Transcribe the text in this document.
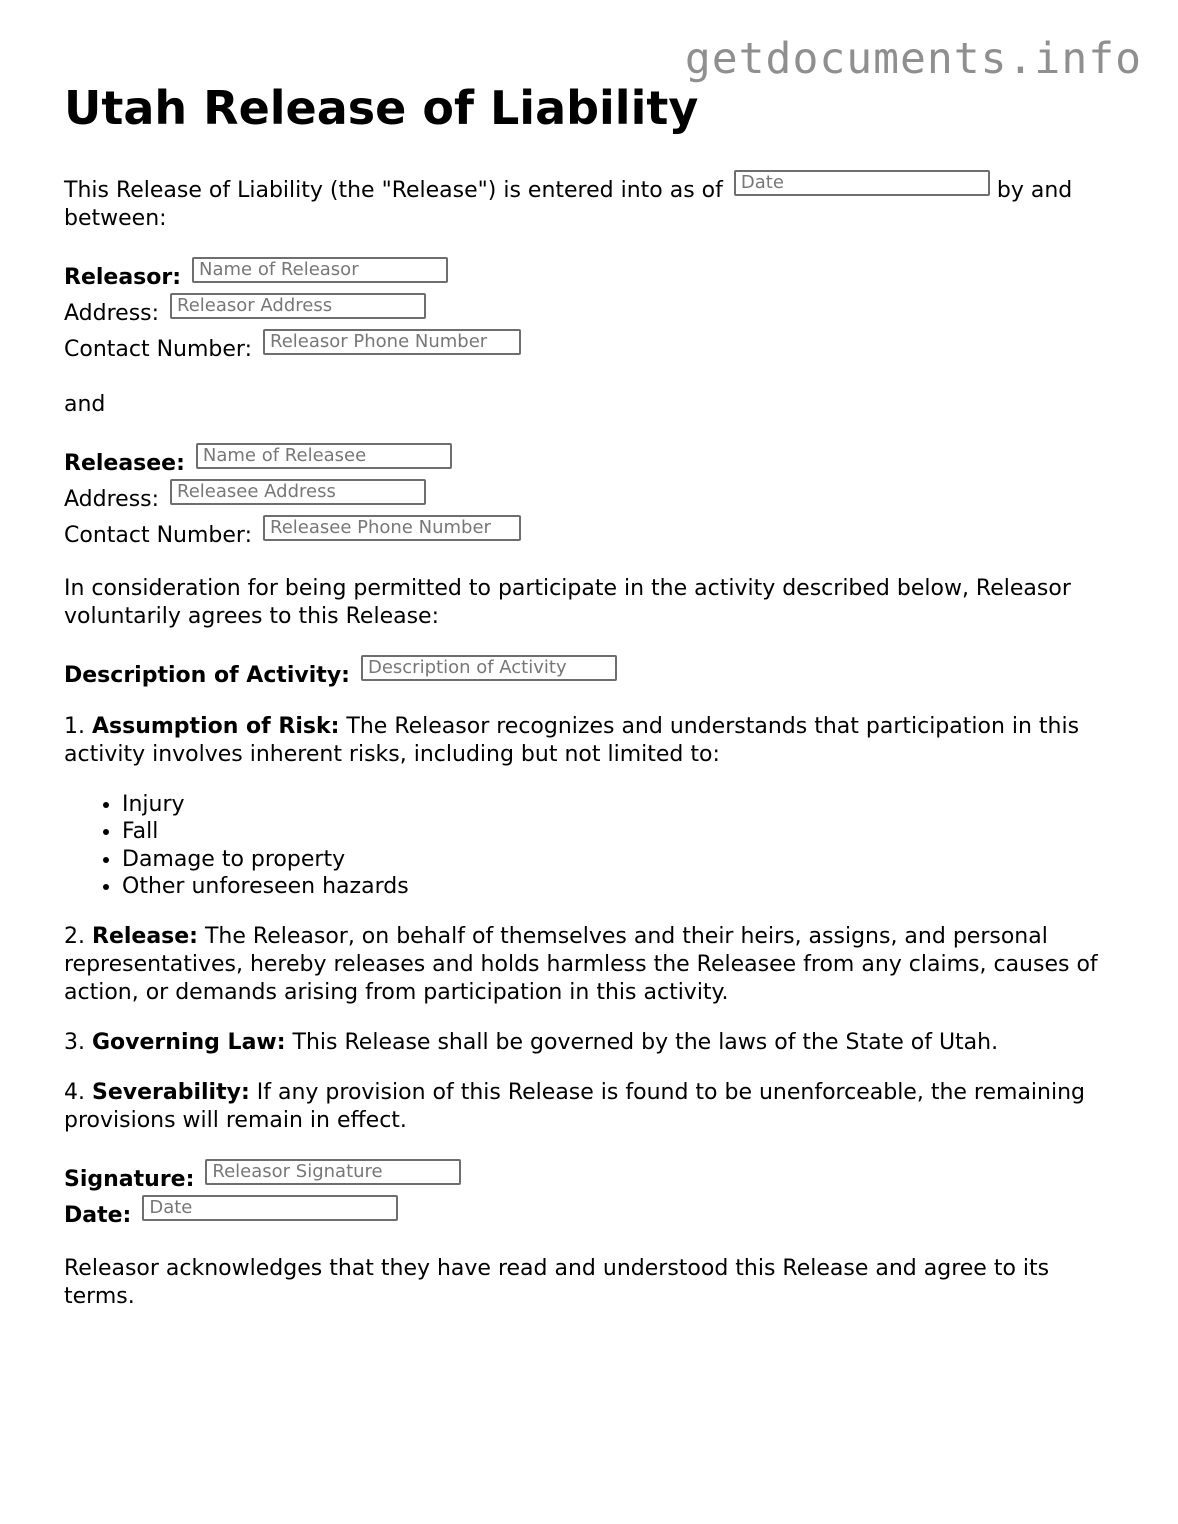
getdocuments.info
Utah Release of Liability

This Release of Liability (the "Release") is entered into as of Date	by and between:

Releasor: Name of Releasor
Address: Releasor Address
Contact Number: Releasor Phone Number

and

Releasee: Name of Releasee
Address: Releasee Address
Contact Number: Releasee Phone Number

In consideration for being permitted to participate in the activity described below, Releasor voluntarily agrees to this Release:

Description of Activity: Description of Activity

1. Assumption of Risk: The Releasor recognizes and understands that participation in this activity involves inherent risks, including but not limited to:

• Injury
• Fall
• Damage to property
• Other unforeseen hazards

2. Release: The Releasor, on behalf of themselves and their heirs, assigns, and personal representatives, hereby releases and holds harmless the Releasee from any claims, causes of action, or demands arising from participation in this activity.

3. Governing Law: This Release shall be governed by the laws of the State of Utah.

4. Severability: If any provision of this Release is found to be unenforceable, the remaining provisions will remain in effect.

Signature: Releasor Signature
Date: Date

Releasor acknowledges that they have read and understood this Release and agree to its terms.
